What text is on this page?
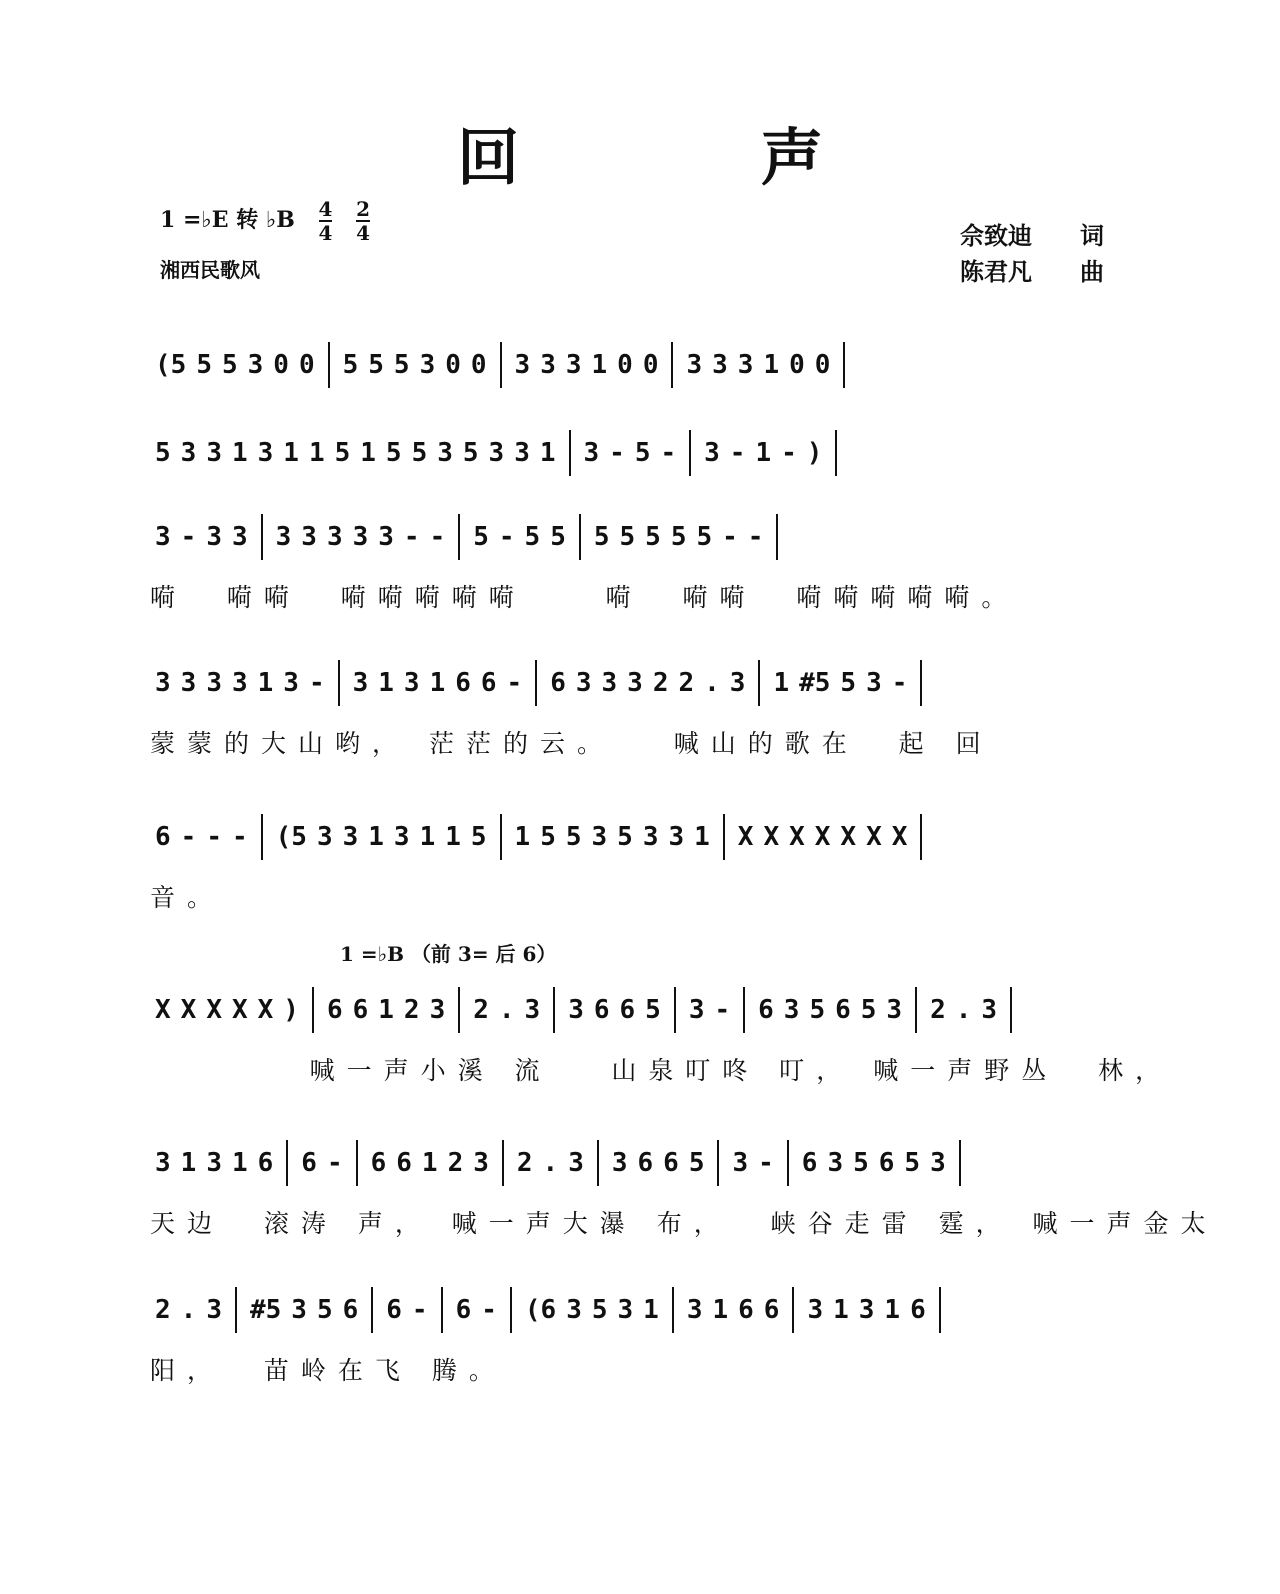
回 声
1 =♭E 转 ♭B $\frac{4}{4}$
$\frac{2}{4}$
湘西民歌风
佘致迪 词
陈君凡 曲
1 =♭B （前 3= 后 6）
(5 5 5 3 0 0 5 5 5 3 0 0 3 3 3 1 0 0 3 3 3 1 0 0
5 3 3 1 3 1 1 5 1 5 5 3 5 3 3 1 3 - 5 - 3 - 1 - )
3 - 3 3 3 3 3 3 3 - - 5 - 5 5 5 5 5 5 5 - -
嗬  嗬嗬  嗬嗬嗬嗬嗬    嗬  嗬嗬  嗬嗬嗬嗬嗬。
3 3 3 3 1 3 - 3 1 3 1 6 6 - 6 3 3 3 2 2 . 3 1 #5 5 3 -
蒙蒙的大山哟， 茫茫的云。   喊山的歌在  起 回
6 - - - (5 3 3 1 3 1 1 5 1 5 5 3 5 3 3 1 X X X X X X X
音。
X X X X X ) 6 6 1 2 3 2 . 3 3 6 6 5 3 - 6 3 5 6 5 3 2 . 3
喊一声小溪 流   山泉叮咚 叮， 喊一声野丛  林，
3 1 3 1 6 6 - 6 6 1 2 3 2 . 3 3 6 6 5 3 - 6 3 5 6 5 3
天边  滚涛 声， 喊一声大瀑 布，  峡谷走雷 霆， 喊一声金太
2 . 3 #5 3 5 6 6 - 6 - (6 3 5 3 1 3 1 6 6 3 1 3 1 6
阳，  苗岭在飞 腾。
